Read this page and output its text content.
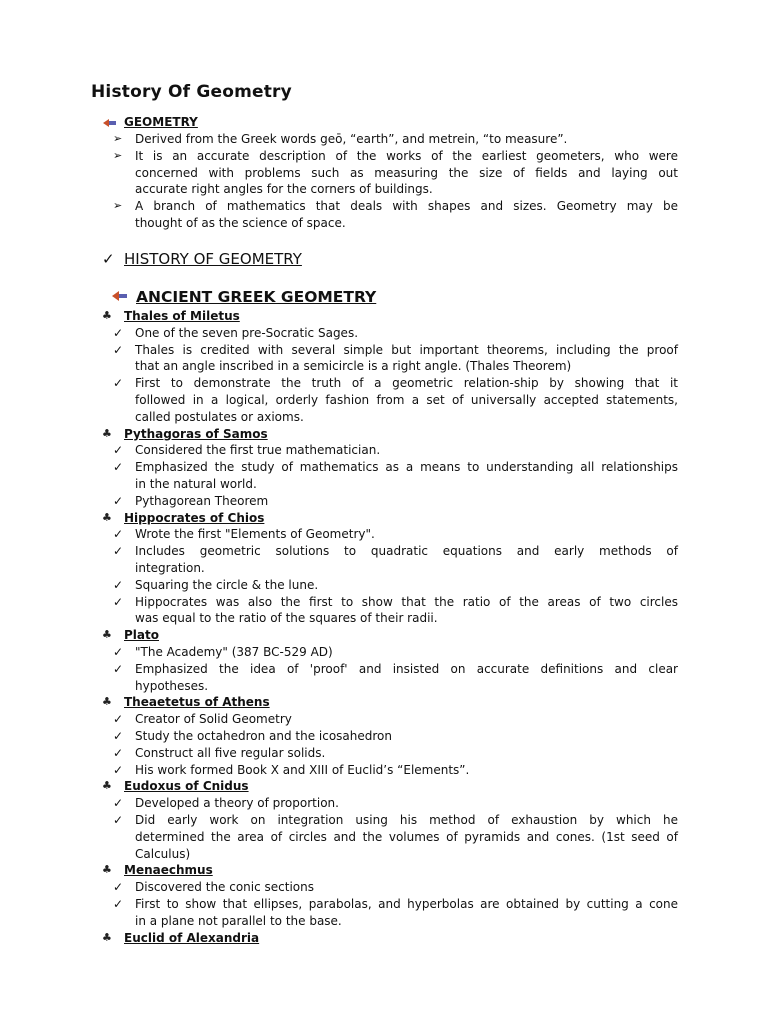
History Of Geometry
GEOMETRY
➢ Derived from the Greek words geō, “earth”, and metrein, “to measure”.
➢ It is an accurate description of the works of the earliest geometers, who were
concerned with problems such as measuring the size of fields and laying out
accurate right angles for the corners of buildings.
➢ A branch of mathematics that deals with shapes and sizes. Geometry may be
thought of as the science of space.
✓ HISTORY OF GEOMETRY
ANCIENT GREEK GEOMETRY
♣ Thales of Miletus
✓ One of the seven pre-Socratic Sages.
✓ Thales is credited with several simple but important theorems, including the proof
that an angle inscribed in a semicircle is a right angle. (Thales Theorem)
✓ First to demonstrate the truth of a geometric relation-ship by showing that it
followed in a logical, orderly fashion from a set of universally accepted statements,
called postulates or axioms.
♣ Pythagoras of Samos
✓ Considered the first true mathematician.
✓ Emphasized the study of mathematics as a means to understanding all relationships
in the natural world.
✓ Pythagorean Theorem
♣ Hippocrates of Chios
✓ Wrote the first "Elements of Geometry".
✓ Includes geometric solutions to quadratic equations and early methods of
integration.
✓ Squaring the circle & the lune.
✓ Hippocrates was also the first to show that the ratio of the areas of two circles
was equal to the ratio of the squares of their radii.
♣ Plato
✓ "The Academy" (387 BC-529 AD)
✓ Emphasized the idea of 'proof' and insisted on accurate definitions and clear
hypotheses.
♣ Theaetetus of Athens
✓ Creator of Solid Geometry
✓ Study the octahedron and the icosahedron
✓ Construct all five regular solids.
✓ His work formed Book X and XIII of Euclid’s “Elements”.
♣ Eudoxus of Cnidus
✓ Developed a theory of proportion.
✓ Did early work on integration using his method of exhaustion by which he
determined the area of circles and the volumes of pyramids and cones. (1st seed of
Calculus)
♣ Menaechmus
✓ Discovered the conic sections
✓ First to show that ellipses, parabolas, and hyperbolas are obtained by cutting a cone
in a plane not parallel to the base.
♣ Euclid of Alexandria
